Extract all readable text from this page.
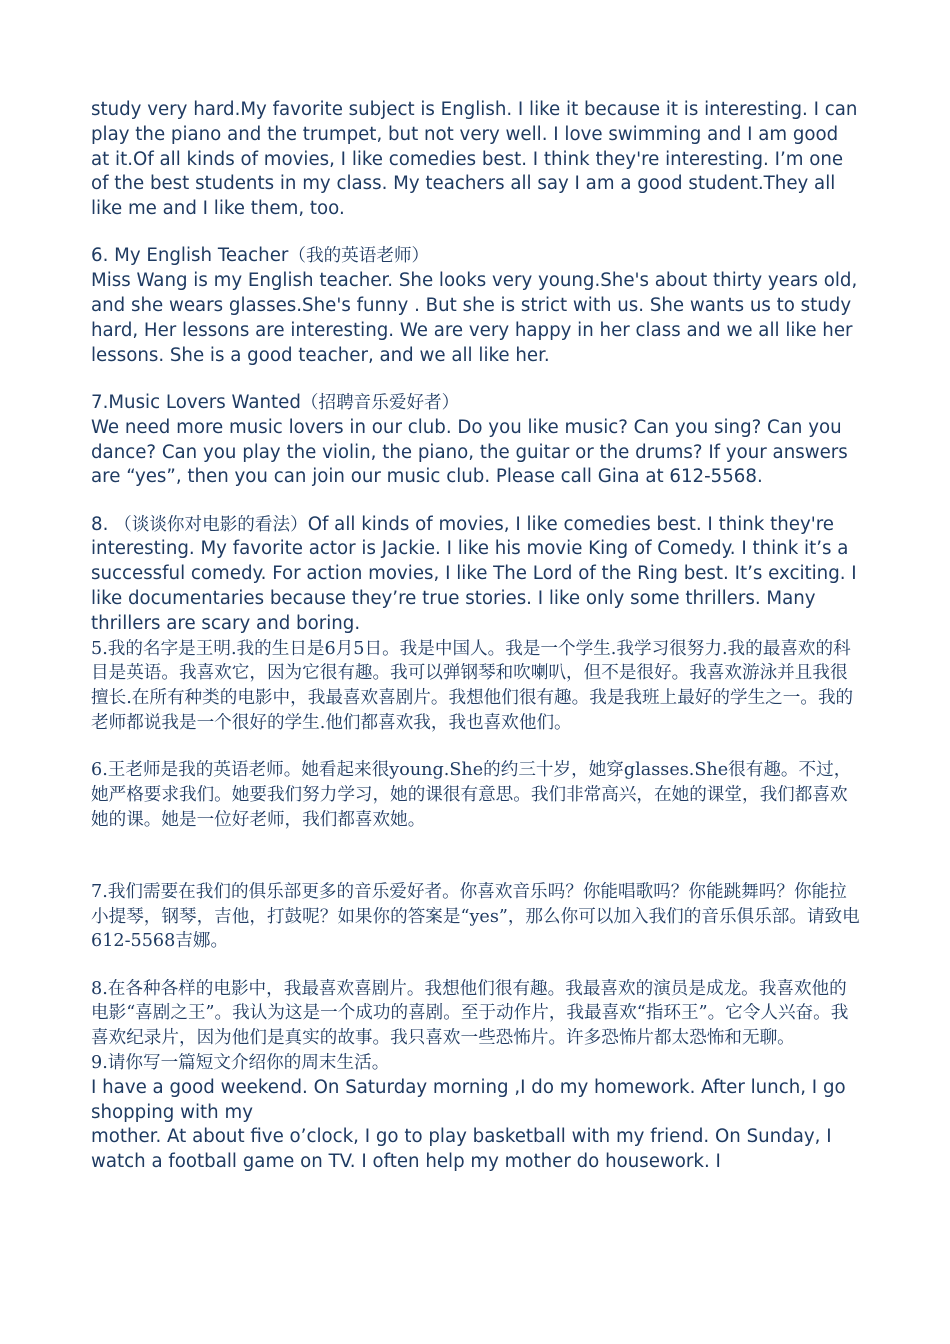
study very hard.My favorite subject is English. I like it because it is interesting. I can play the piano and the trumpet, but not very well. I love swimming and I am good at it.Of all kinds of movies, I like comedies best. I think they're interesting. I’m one of the best students in my class. My teachers all say I am a good student.They all like me and I like them, too.

6. My English Teacher（我的英语老师）

Miss Wang is my English teacher. She looks very young.She's about thirty years old, and she wears glasses.She's funny . But she is strict with us. She wants us to study hard, Her lessons are interesting. We are very happy in her class and we all like her lessons. She is a good teacher, and we all like her.

7.Music Lovers Wanted（招聘音乐爱好者）

We need more music lovers in our club. Do you like music? Can you sing? Can you dance? Can you play the violin, the piano, the guitar or the drums? If your answers are “yes”, then you can join our music club. Please call Gina at 612-5568.

8. （谈谈你对电影的看法）Of all kinds of movies, I like comedies best. I think they're interesting. My favorite actor is Jackie. I like his movie King of Comedy. I think it’s a successful comedy. For action movies, I like The Lord of the Ring best. It’s exciting. I like documentaries because they’re true stories. I like only some thrillers. Many thrillers are scary and boring.

5.我的名字是王明.我的生日是6月5日。我是中国人。我是一个学生.我学习很努力.我的最喜欢的科目是英语。我喜欢它，因为它很有趣。我可以弹钢琴和吹喇叭，但不是很好。我喜欢游泳并且我很擅长.在所有种类的电影中，我最喜欢喜剧片。我想他们很有趣。我是我班上最好的学生之一。我的老师都说我是一个很好的学生.他们都喜欢我，我也喜欢他们。

6.王老师是我的英语老师。她看起来很young.She的约三十岁，她穿glasses.She很有趣。不过，她严格要求我们。她要我们努力学习，她的课很有意思。我们非常高兴，在她的课堂，我们都喜欢她的课。她是一位好老师，我们都喜欢她。

7.我们需要在我们的俱乐部更多的音乐爱好者。你喜欢音乐吗？你能唱歌吗？你能跳舞吗？你能拉小提琴，钢琴，吉他，打鼓呢？如果你的答案是“yes”，那么你可以加入我们的音乐俱乐部。请致电612-5568吉娜。

8.在各种各样的电影中，我最喜欢喜剧片。我想他们很有趣。我最喜欢的演员是成龙。我喜欢他的电影“喜剧之王”。我认为这是一个成功的喜剧。至于动作片，我最喜欢“指环王”。它令人兴奋。我喜欢纪录片，因为他们是真实的故事。我只喜欢一些恐怖片。许多恐怖片都太恐怖和无聊。

9.请你写一篇短文介绍你的周末生活。

I have a good weekend. On Saturday morning ,I do my homework. After lunch, I go shopping with my

mother. At about five o’clock, I go to play basketball with my friend. On Sunday, I watch a football game on TV. I often help my mother do housework. I
